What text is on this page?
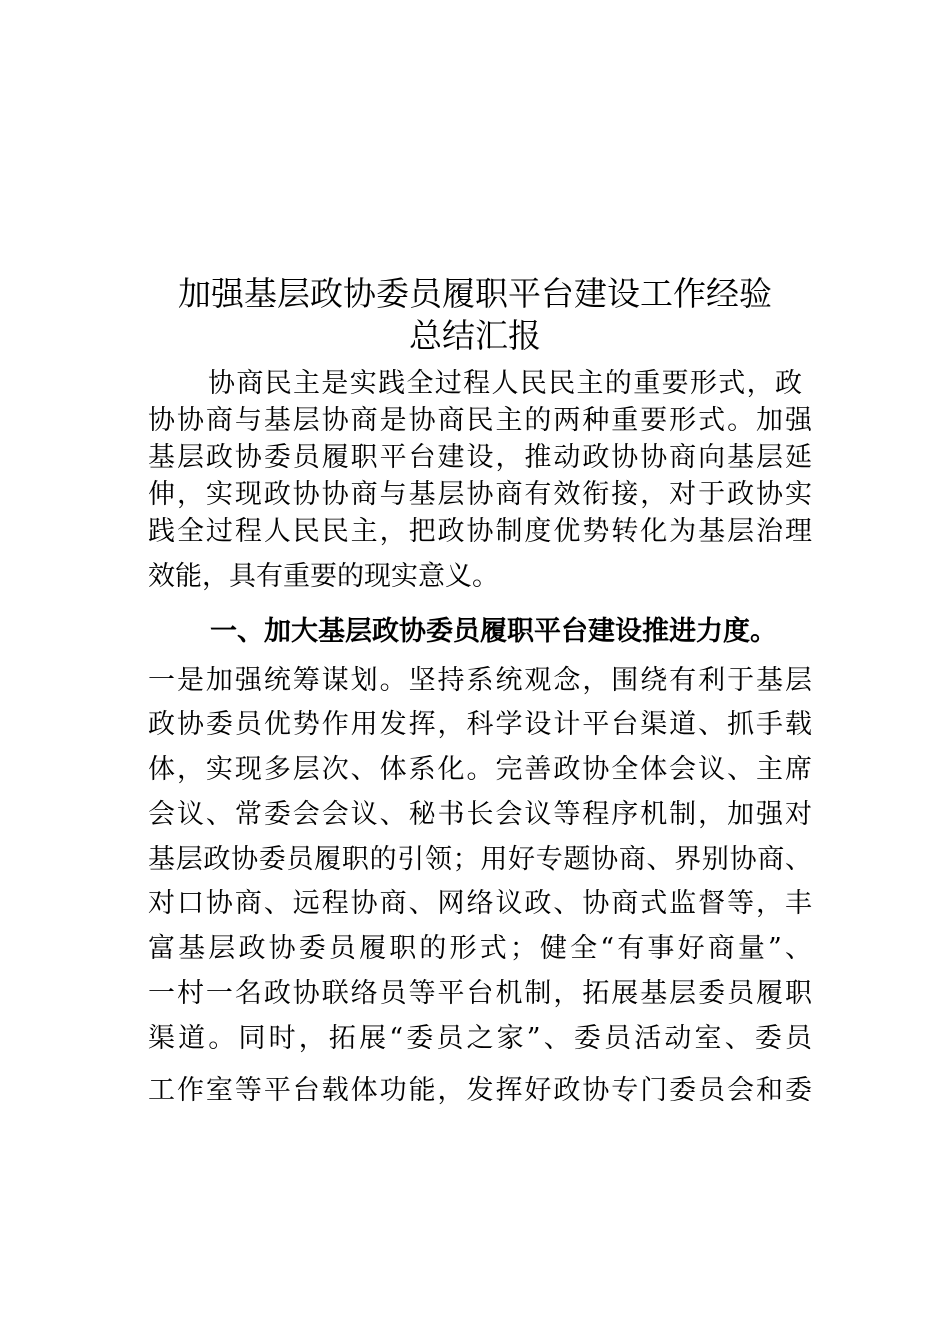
加强基层政协委员履职平台建设工作经验
总结汇报
协商民主是实践全过程人民民主的重要形式，政
协协商与基层协商是协商民主的两种重要形式。加强
基层政协委员履职平台建设，推动政协协商向基层延
伸，实现政协协商与基层协商有效衔接，对于政协实
践全过程人民民主，把政协制度优势转化为基层治理
效能，具有重要的现实意义。
一、加大基层政协委员履职平台建设推进力度。
一是加强统筹谋划。坚持系统观念，围绕有利于基层
政协委员优势作用发挥，科学设计平台渠道、抓手载
体，实现多层次、体系化。完善政协全体会议、主席
会议、常委会会议、秘书长会议等程序机制，加强对
基层政协委员履职的引领；用好专题协商、界别协商、
对口协商、远程协商、网络议政、协商式监督等，丰
富基层政协委员履职的形式；健全“有事好商量”、
一村一名政协联络员等平台机制，拓展基层委员履职
渠道。同时，拓展“委员之家”、委员活动室、委员
工作室等平台载体功能，发挥好政协专门委员会和委
